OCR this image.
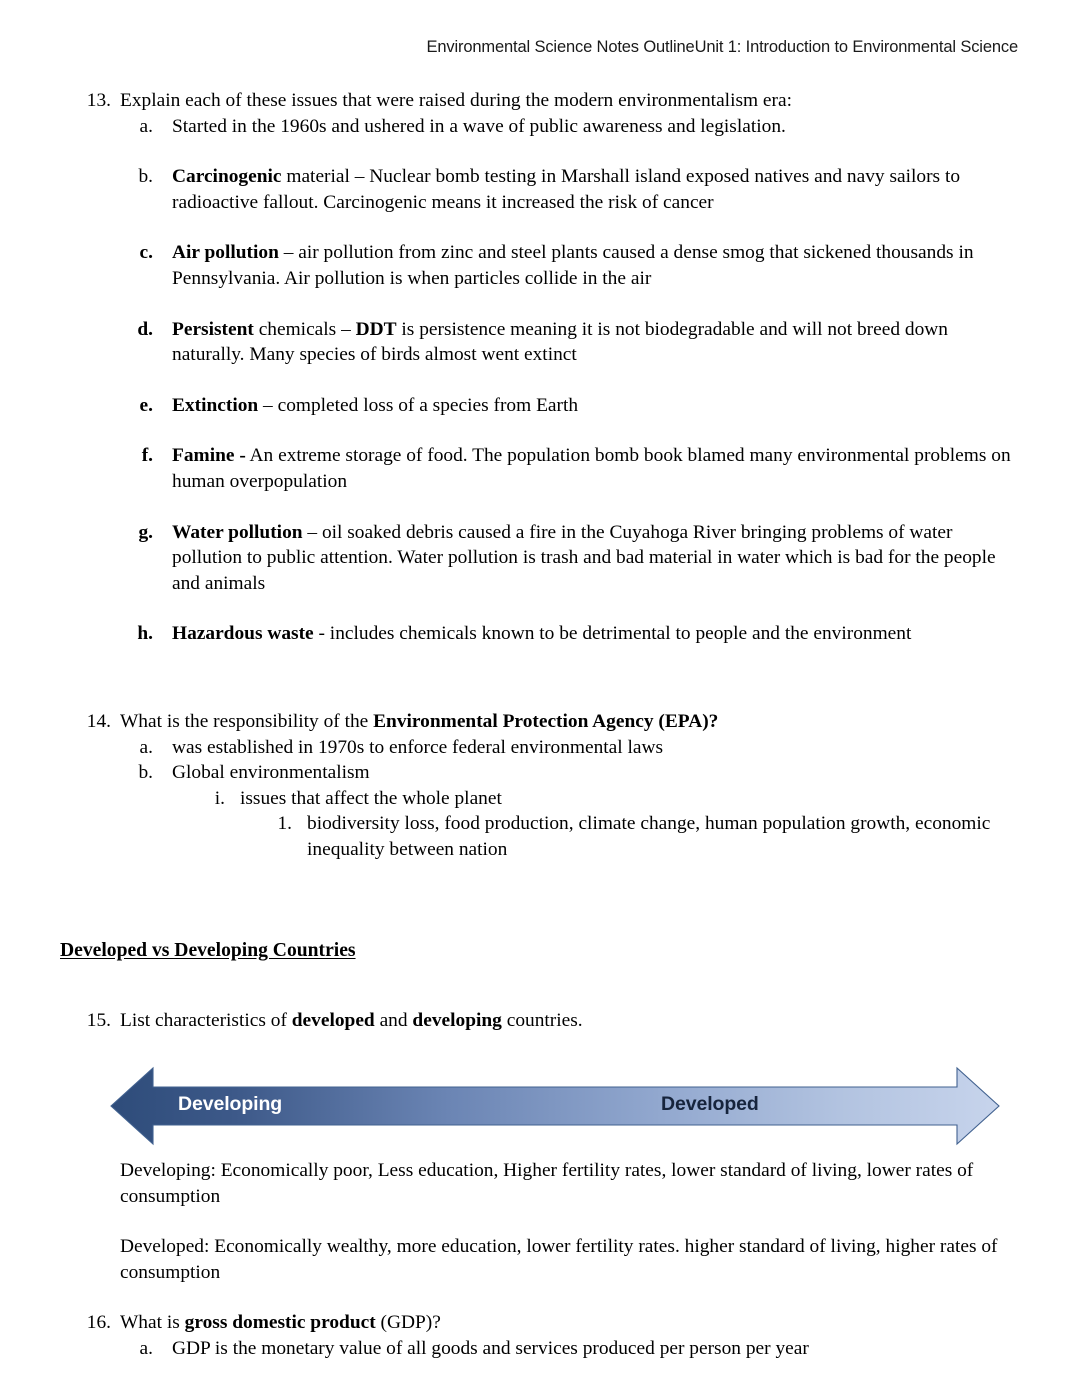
Environmental Science Notes OutlineUnit 1: Introduction to Environmental Science
13. Explain each of these issues that were raised during the modern environmentalism era:
a. Started in the 1960s and ushered in a wave of public awareness and legislation.
b. Carcinogenic material – Nuclear bomb testing in Marshall island exposed natives and navy sailors to radioactive fallout. Carcinogenic means it increased the risk of cancer
c. Air pollution – air pollution from zinc and steel plants caused a dense smog that sickened thousands in Pennsylvania. Air pollution is when particles collide in the air
d. Persistent chemicals – DDT is persistence meaning it is not biodegradable and will not breed down naturally. Many species of birds almost went extinct
e. Extinction – completed loss of a species from Earth
f. Famine - An extreme storage of food. The population bomb book blamed many environmental problems on human overpopulation
g. Water pollution – oil soaked debris caused a fire in the Cuyahoga River bringing problems of water pollution to public attention. Water pollution is trash and bad material in water which is bad for the people and animals
h. Hazardous waste - includes chemicals known to be detrimental to people and the environment
14. What is the responsibility of the Environmental Protection Agency (EPA)?
a. was established in 1970s to enforce federal environmental laws
b. Global environmentalism
i. issues that affect the whole planet
1. biodiversity loss, food production, climate change, human population growth, economic inequality between nation
Developed vs Developing Countries
15. List characteristics of developed and developing countries.
Developing	Developed
Developing: Economically poor, Less education, Higher fertility rates, lower standard of living, lower rates of consumption
Developed: Economically wealthy, more education, lower fertility rates. higher standard of living, higher rates of consumption
16. What is gross domestic product (GDP)?
a. GDP is the monetary value of all goods and services produced per person per year
